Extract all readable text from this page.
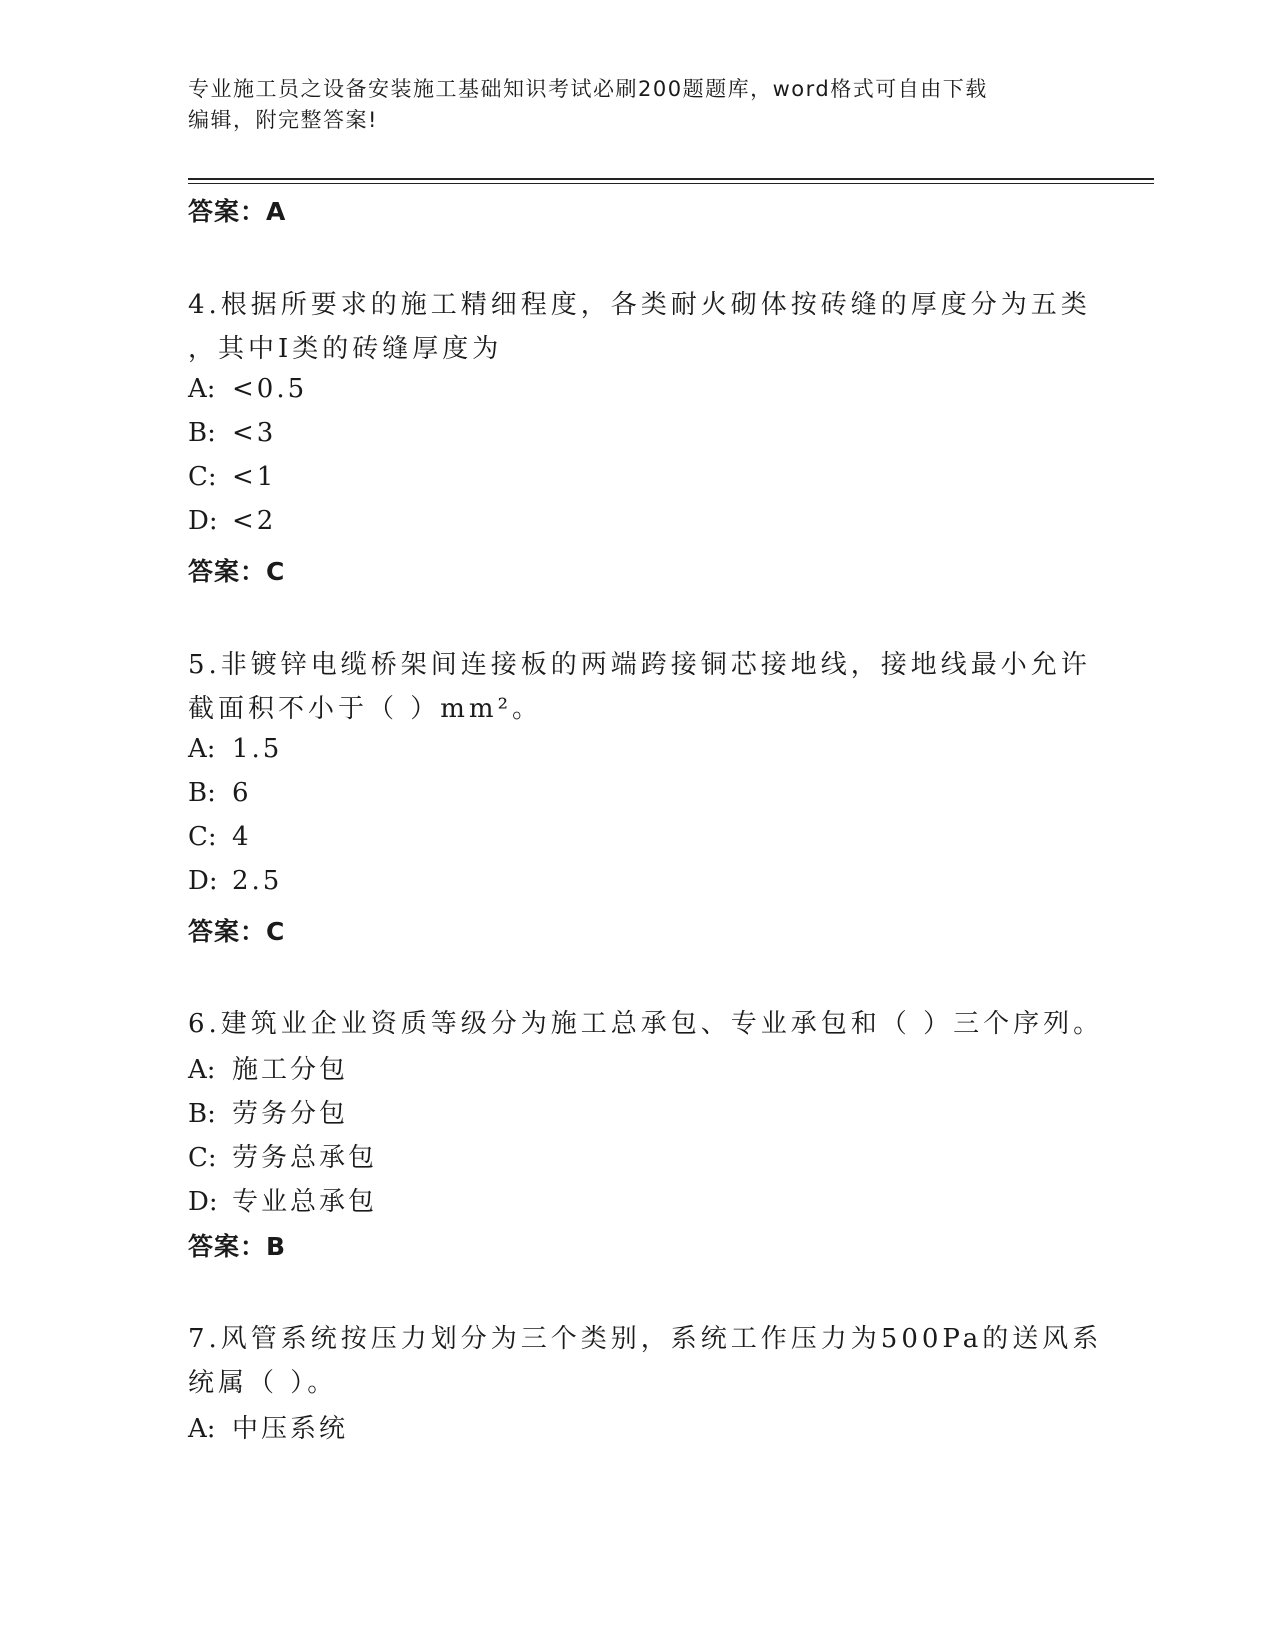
专业施工员之设备安装施工基础知识考试必刷200题题库，word格式可自由下载
编辑，附完整答案!
答案：A
4.根据所要求的施工精细程度，各类耐火砌体按砖缝的厚度分为五类
，其中Ⅰ类的砖缝厚度为
A: <0.5
B: <3
C: <1
D: <2
答案：C
5.非镀锌电缆桥架间连接板的两端跨接铜芯接地线，接地线最小允许
截面积不小于（ ）mm²。
A: 1.5
B: 6
C: 4
D: 2.5
答案：C
6.建筑业企业资质等级分为施工总承包、专业承包和（ ）三个序列。
A: 施工分包
B: 劳务分包
C: 劳务总承包
D: 专业总承包
答案：B
7.风管系统按压力划分为三个类别，系统工作压力为500Pa的送风系
统属（ ）。
A: 中压系统
